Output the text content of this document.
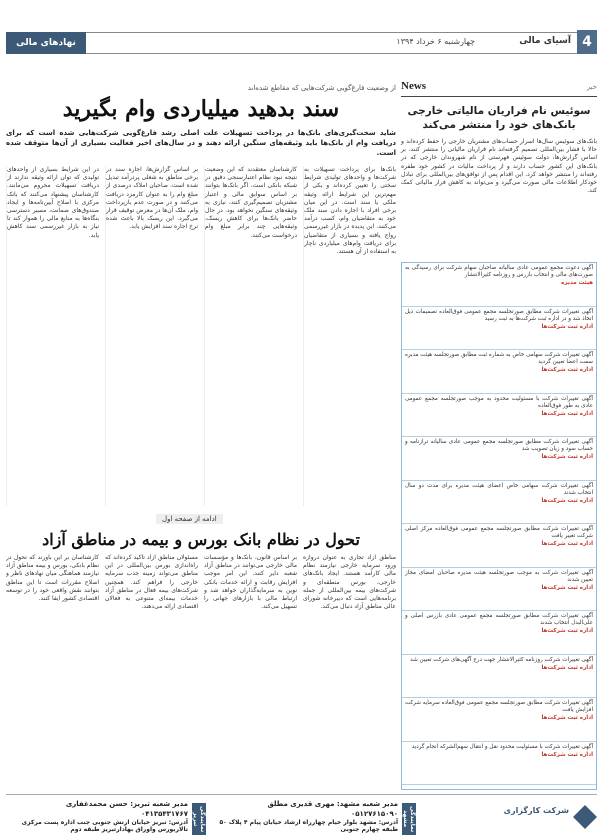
4
آسیای مالی
چهارشنبه ۶ خرداد ۱۳۹۴
نهادهای مالی
News	خبر
سوئیس نام فراریان مالیاتی خارجی بانک‌های خود را منتشر می‌کند
بانک‌های سوئیس سال‌ها اسرار حساب‌های مشتریان خارجی را حفظ کرده‌اند و حالا با فشار بین‌المللی تصمیم گرفته‌اند نام فراریان مالیاتی را منتشر کنند. بر اساس گزارش‌ها، دولت سوئیس فهرستی از نام شهروندان خارجی که در بانک‌های این کشور حساب دارند و از پرداخت مالیات در کشور خود طفره رفته‌اند را منتشر خواهد کرد. این اقدام پس از توافق‌های بین‌المللی برای تبادل خودکار اطلاعات مالی صورت می‌گیرد و می‌تواند به کاهش فرار مالیاتی کمک کند.
آگهی دعوت مجمع عمومی عادی سالیانه صاحبان سهام شرکت برای رسیدگی به صورت‌های مالی و انتخاب بازرس و روزنامه کثیرالانتشار
هیئت مدیره
آگهی تغییرات شرکت مطابق صورتجلسه مجمع عمومی فوق‌العاده تصمیمات ذیل اتخاذ شد و در اداره ثبت شرکت‌ها به ثبت رسید
اداره ثبت شرکت‌ها
آگهی تغییرات شرکت سهامی خاص به شماره ثبت مطابق صورتجلسه هیئت مدیره سمت اعضا تعیین گردید
اداره ثبت شرکت‌ها
آگهی تغییرات شرکت با مسئولیت محدود به موجب صورتجلسه مجمع عمومی عادی به طور فوق‌العاده
اداره ثبت شرکت‌ها
آگهی تغییرات شرکت مطابق صورتجلسه مجمع عمومی عادی سالیانه ترازنامه و حساب سود و زیان تصویب شد
اداره ثبت شرکت‌ها
آگهی تغییرات شرکت سهامی خاص اعضای هیئت مدیره برای مدت دو سال انتخاب شدند
اداره ثبت شرکت‌ها
آگهی تغییرات شرکت مطابق صورتجلسه مجمع عمومی فوق‌العاده مرکز اصلی شرکت تغییر یافت
اداره ثبت شرکت‌ها
آگهی تغییرات شرکت به موجب صورتجلسه هیئت مدیره صاحبان امضای مجاز تعیین شدند
اداره ثبت شرکت‌ها
آگهی تغییرات شرکت مطابق صورتجلسه مجمع عمومی عادی بازرس اصلی و علی‌البدل انتخاب شدند
اداره ثبت شرکت‌ها
آگهی تغییرات شرکت روزنامه کثیرالانتشار جهت درج آگهی‌های شرکت تعیین شد
اداره ثبت شرکت‌ها
آگهی تغییرات شرکت مطابق صورتجلسه مجمع عمومی فوق‌العاده سرمایه شرکت افزایش یافت
اداره ثبت شرکت‌ها
آگهی تغییرات شرکت با مسئولیت محدود نقل و انتقال سهم‌الشرکه انجام گردید
اداره ثبت شرکت‌ها
از وضعیت فارغ‌گویی شرکت‌هایی که مقاطع شده‌اند
سند بدهید میلیاردی وام بگیرید
شاید سخت‌گیری‌های بانک‌ها در پرداخت تسهیلات علت اصلی رشد فارغ‌گویی شرکت‌هایی شده است که برای دریافت وام از بانک‌ها باید وثیقه‌های سنگین ارائه دهند و در سال‌های اخیر فعالیت بسیاری از آن‌ها متوقف شده است.
بانک‌ها برای پرداخت تسهیلات به شرکت‌ها و واحدهای تولیدی شرایط سختی را تعیین کرده‌اند و یکی از مهم‌ترین این شرایط ارائه وثیقه ملکی یا سند است. در این میان برخی افراد با اجاره دادن سند ملک خود به متقاضیان وام، کسب درآمد می‌کنند. این پدیده در بازار غیررسمی رواج یافته و بسیاری از متقاضیان برای دریافت وام‌های میلیاردی ناچار به استفاده از آن هستند.
کارشناسان معتقدند که این وضعیت نتیجه نبود نظام اعتبارسنجی دقیق در شبکه بانکی است. اگر بانک‌ها بتوانند بر اساس سوابق مالی و اعتبار مشتریان تصمیم‌گیری کنند، نیازی به وثیقه‌های سنگین نخواهد بود. در حال حاضر بانک‌ها برای کاهش ریسک، وثیقه‌هایی چند برابر مبلغ وام درخواست می‌کنند.
بر اساس گزارش‌ها، اجاره سند در برخی مناطق به شغلی پردرآمد تبدیل شده است. صاحبان املاک درصدی از مبلغ وام را به عنوان کارمزد دریافت می‌کنند و در صورت عدم بازپرداخت وام، ملک آن‌ها در معرض توقیف قرار می‌گیرد. این ریسک بالا باعث شده نرخ اجاره سند افزایش یابد.
در این شرایط بسیاری از واحدهای تولیدی که توان ارائه وثیقه ندارند از دریافت تسهیلات محروم می‌مانند. کارشناسان پیشنهاد می‌کنند که بانک مرکزی با اصلاح آیین‌نامه‌ها و ایجاد صندوق‌های ضمانت، مسیر دسترسی بنگاه‌ها به منابع مالی را هموار کند تا نیاز به بازار غیررسمی سند کاهش یابد.
ادامه از صفحه اول
تحول در نظام بانک بورس و بیمه در مناطق آزاد
مناطق آزاد تجاری به عنوان دروازه ورود سرمایه خارجی نیازمند نظام مالی کارآمد هستند. ایجاد بانک‌های خارجی، بورس منطقه‌ای و شرکت‌های بیمه بین‌المللی از جمله برنامه‌هایی است که دبیرخانه شورای عالی مناطق آزاد دنبال می‌کند.
بر اساس قانون، بانک‌ها و مؤسسات مالی خارجی می‌توانند در مناطق آزاد شعبه دایر کنند. این امر موجب افزایش رقابت و ارائه خدمات بانکی نوین به سرمایه‌گذاران خواهد شد و ارتباط مالی با بازارهای جهانی را تسهیل می‌کند.
مسئولان مناطق آزاد تأکید کرده‌اند که راه‌اندازی بورس بین‌المللی در این مناطق می‌تواند زمینه جذب سرمایه خارجی را فراهم کند. همچنین شرکت‌های بیمه فعال در مناطق آزاد خدمات بیمه‌ای متنوعی به فعالان اقتصادی ارائه می‌دهند.
کارشناسان بر این باورند که تحول در نظام بانکی، بورس و بیمه مناطق آزاد نیازمند هماهنگی میان نهادهای ناظر و اصلاح مقررات است تا این مناطق بتوانند نقش واقعی خود را در توسعه اقتصادی کشور ایفا کنند.
نمایندگی تبریز
مدیر شعبه تبریز: حسن محمدغفاری
۰۴۱۳۵۴۳۱۷۶۷
آدرس: تبریز خیابان ارتش جنوبی جنب اداره پست مرکزی تالاربورس واوراق بهادارتبریز طبقه دوم	نمایندگی مشهد
مدیر شعبه مشهد: مهری قدیری مطلق
۰۵۱۲۷۶۱۵۰۹۰
آدرس: مشهد بلوار خیام چهارراه ارشاد خیابان پیام ۴ پلاک ۵۰ طبقه چهارم جنوبی
شرکت کارگزاری
